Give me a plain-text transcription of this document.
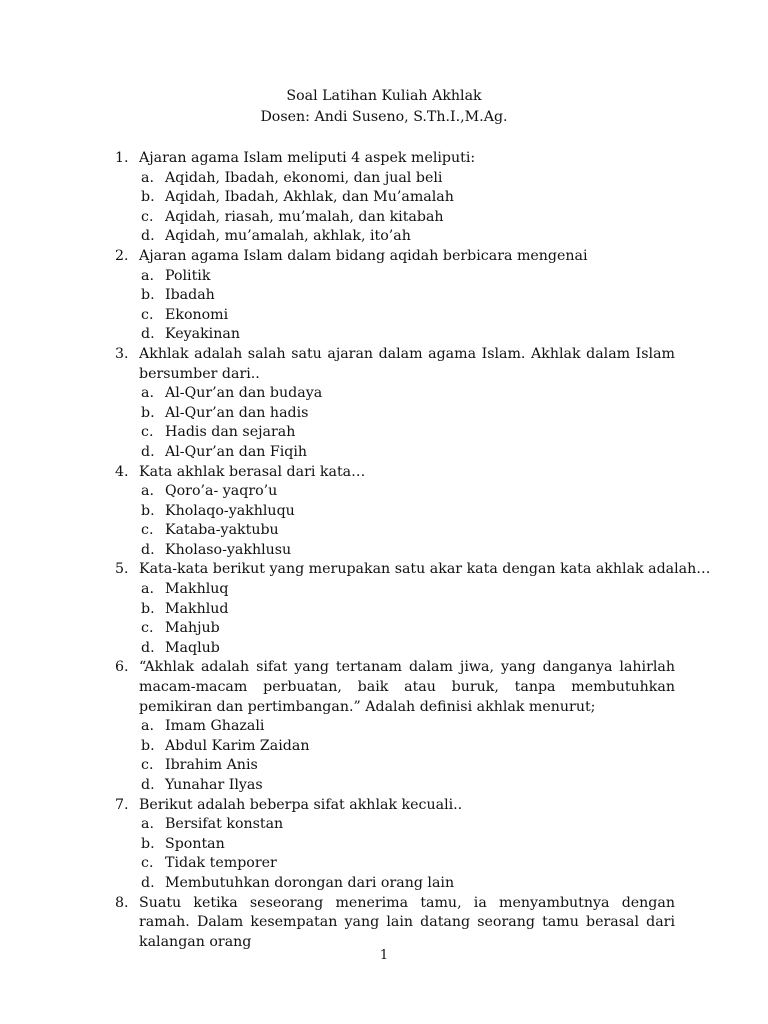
Soal Latihan Kuliah Akhlak
Dosen: Andi Suseno, S.Th.I.,M.Ag.
1. Ajaran agama Islam meliputi 4 aspek meliputi:
a. Aqidah, Ibadah, ekonomi, dan jual beli
b. Aqidah, Ibadah, Akhlak, dan Mu’amalah
c. Aqidah, riasah, mu’malah, dan kitabah
d. Aqidah, mu’amalah, akhlak, ito’ah
2. Ajaran agama Islam dalam bidang aqidah berbicara mengenai
a. Politik
b. Ibadah
c. Ekonomi
d. Keyakinan
3. Akhlak adalah salah satu ajaran dalam agama Islam. Akhlak dalam Islam bersumber dari..
a. Al-Qur’an dan budaya
b. Al-Qur’an dan hadis
c. Hadis dan sejarah
d. Al-Qur’an dan Fiqih
4. Kata akhlak berasal dari kata…
a. Qoro’a- yaqro’u
b. Kholaqo-yakhluqu
c. Kataba-yaktubu
d. Kholaso-yakhlusu
5. Kata-kata berikut yang merupakan satu akar kata dengan kata akhlak adalah…
a. Makhluq
b. Makhlud
c. Mahjub
d. Maqlub
6. “Akhlak adalah sifat yang tertanam dalam jiwa, yang danganya lahirlah macam-macam perbuatan, baik atau buruk, tanpa membutuhkan pemikiran dan pertimbangan.” Adalah definisi akhlak menurut;
a. Imam Ghazali
b. Abdul Karim Zaidan
c. Ibrahim Anis
d. Yunahar Ilyas
7. Berikut adalah beberpa sifat akhlak kecuali..
a. Bersifat konstan
b. Spontan
c. Tidak temporer
d. Membutuhkan dorongan dari orang lain
8. Suatu ketika seseorang menerima tamu, ia menyambutnya dengan ramah. Dalam kesempatan yang lain datang seorang tamu berasal dari kalangan orang
1
